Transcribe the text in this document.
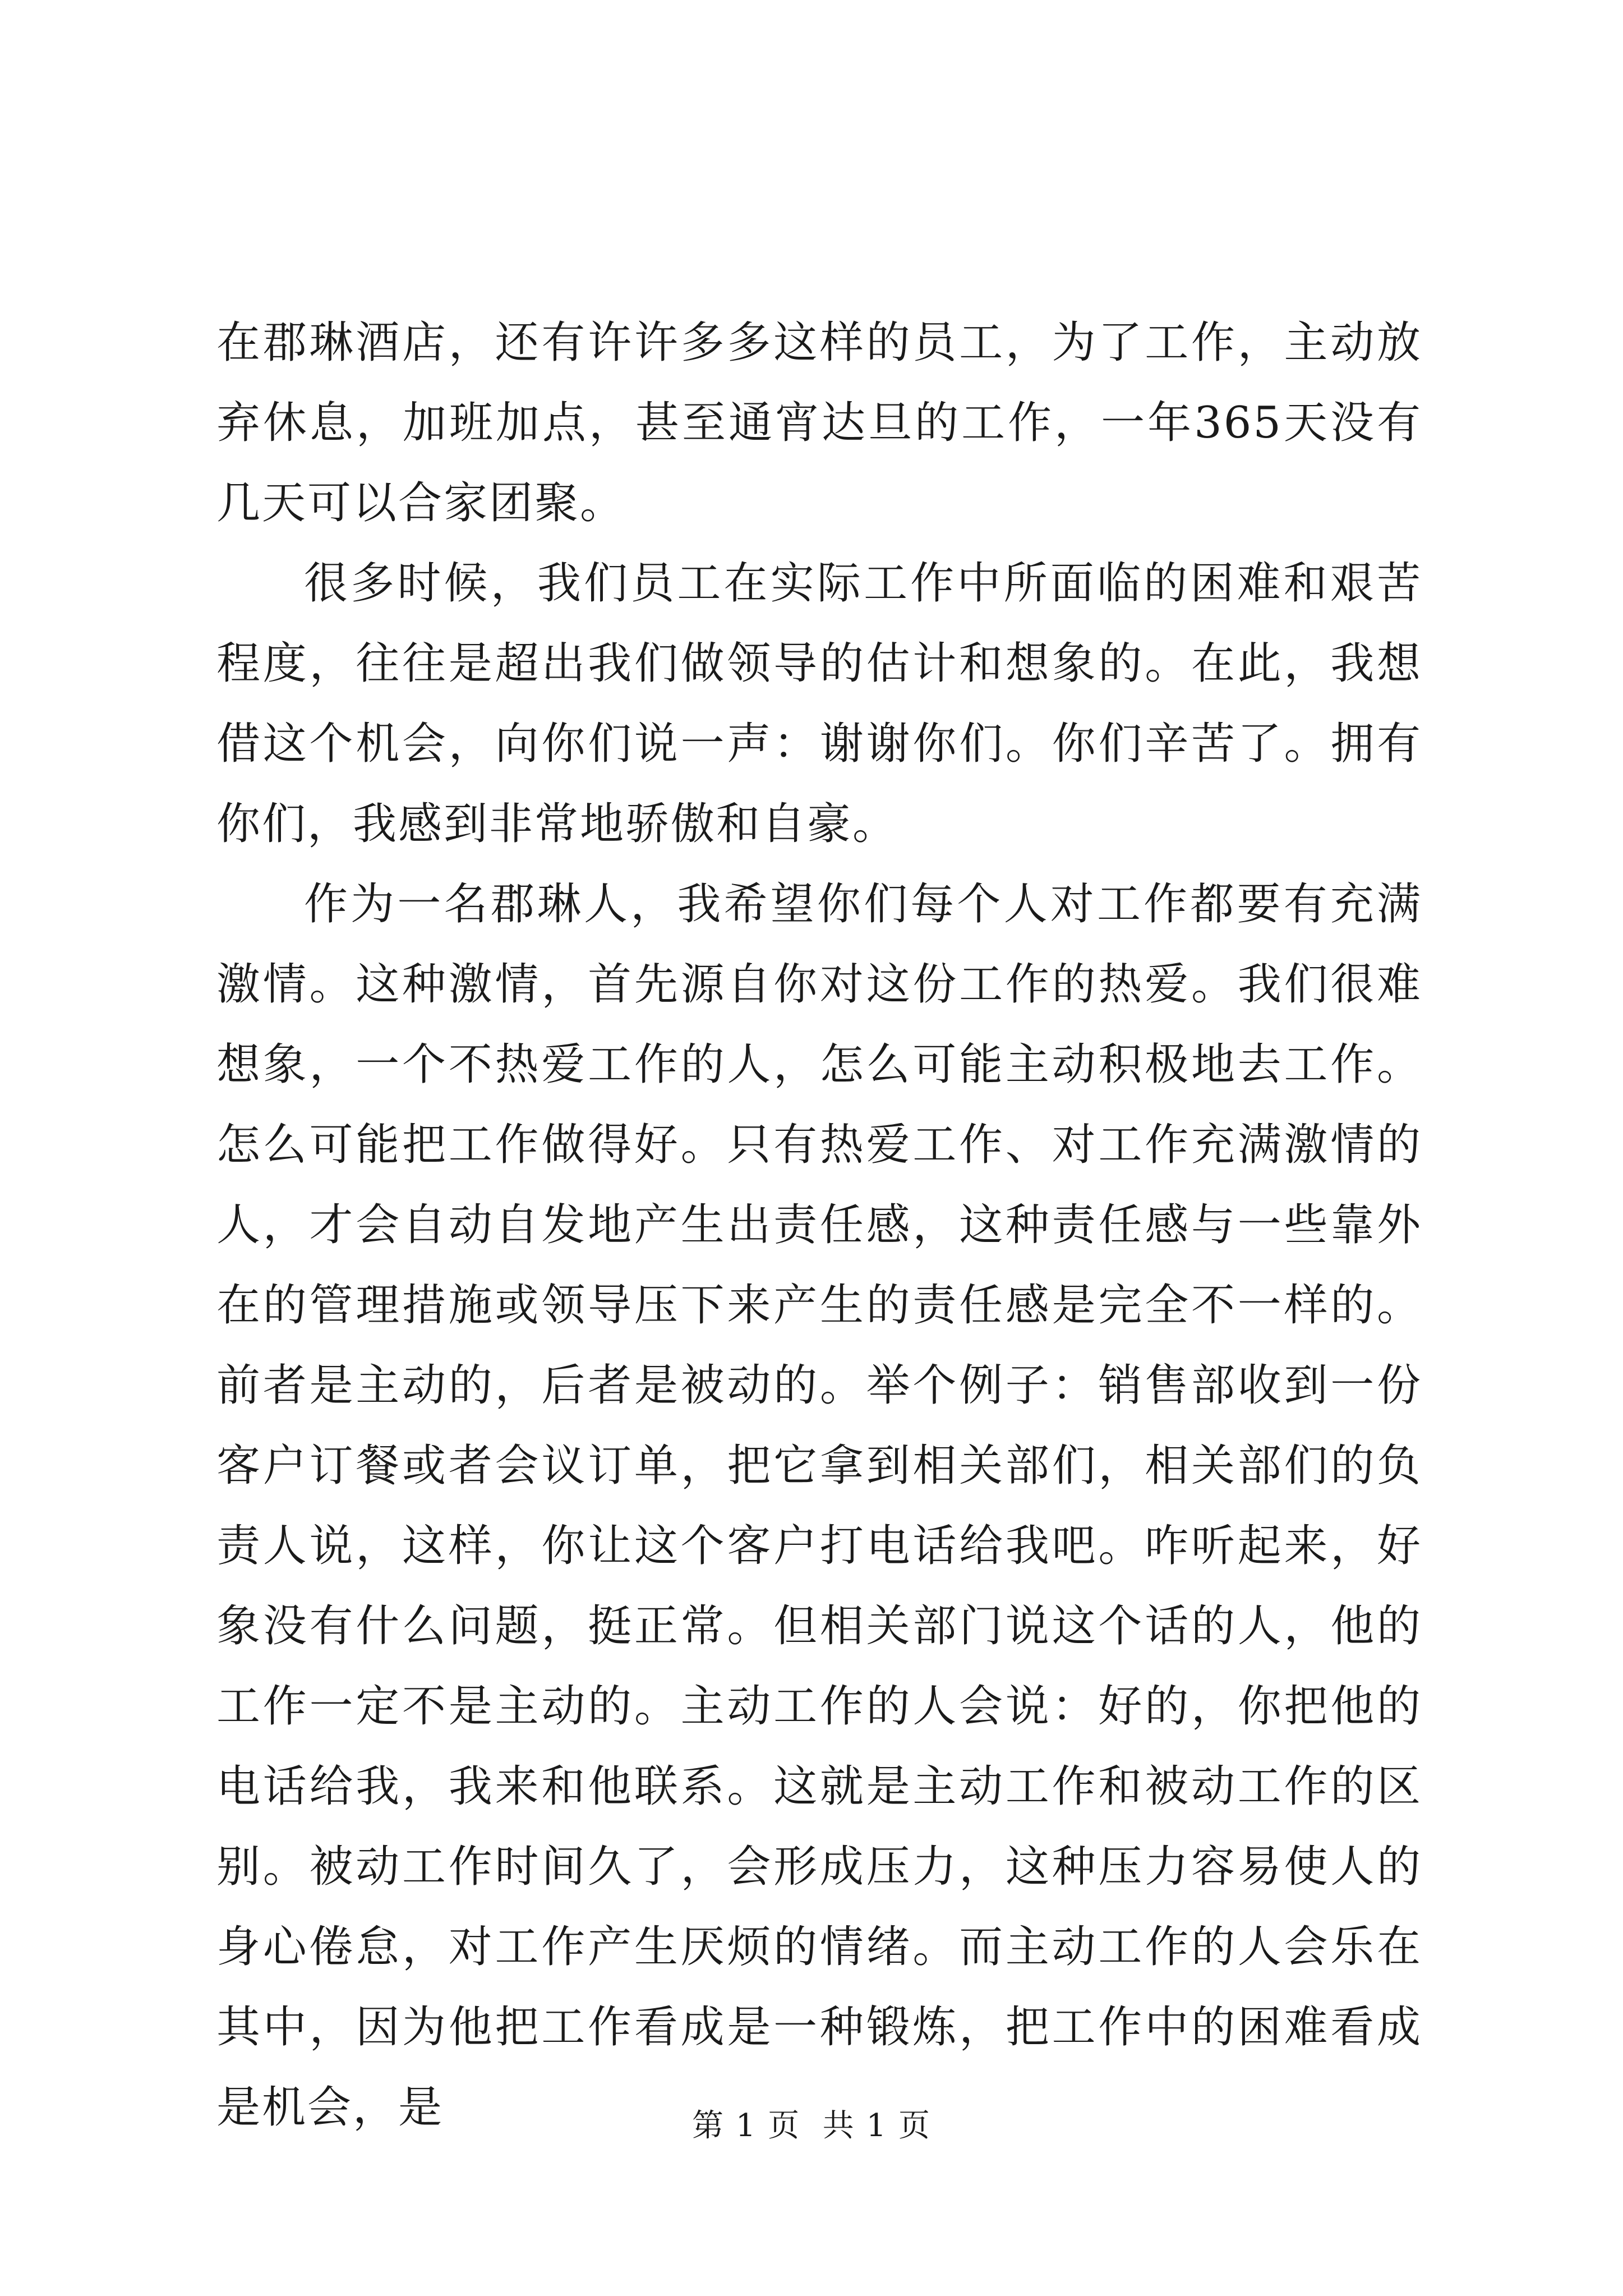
在郡琳酒店，还有许许多多这样的员工，为了工作，主动放弃休息，加班加点，甚至通宵达旦的工作，一年365天没有几天可以合家团聚。

很多时候，我们员工在实际工作中所面临的困难和艰苦程度，往往是超出我们做领导的估计和想象的。在此，我想借这个机会，向你们说一声：谢谢你们。你们辛苦了。拥有你们，我感到非常地骄傲和自豪。

作为一名郡琳人，我希望你们每个人对工作都要有充满激情。这种激情，首先源自你对这份工作的热爱。我们很难想象，一个不热爱工作的人，怎么可能主动积极地去工作。怎么可能把工作做得好。只有热爱工作、对工作充满激情的人，才会自动自发地产生出责任感，这种责任感与一些靠外在的管理措施或领导压下来产生的责任感是完全不一样的。前者是主动的，后者是被动的。举个例子：销售部收到一份客户订餐或者会议订单，把它拿到相关部们，相关部们的负责人说，这样，你让这个客户打电话给我吧。咋听起来，好象没有什么问题，挺正常。但相关部门说这个话的人，他的工作一定不是主动的。主动工作的人会说：好的，你把他的电话给我，我来和他联系。这就是主动工作和被动工作的区别。被动工作时间久了，会形成压力，这种压力容易使人的身心倦怠，对工作产生厌烦的情绪。而主动工作的人会乐在其中，因为他把工作看成是一种锻炼，把工作中的困难看成是机会，是	第 1 页  共 1 页
